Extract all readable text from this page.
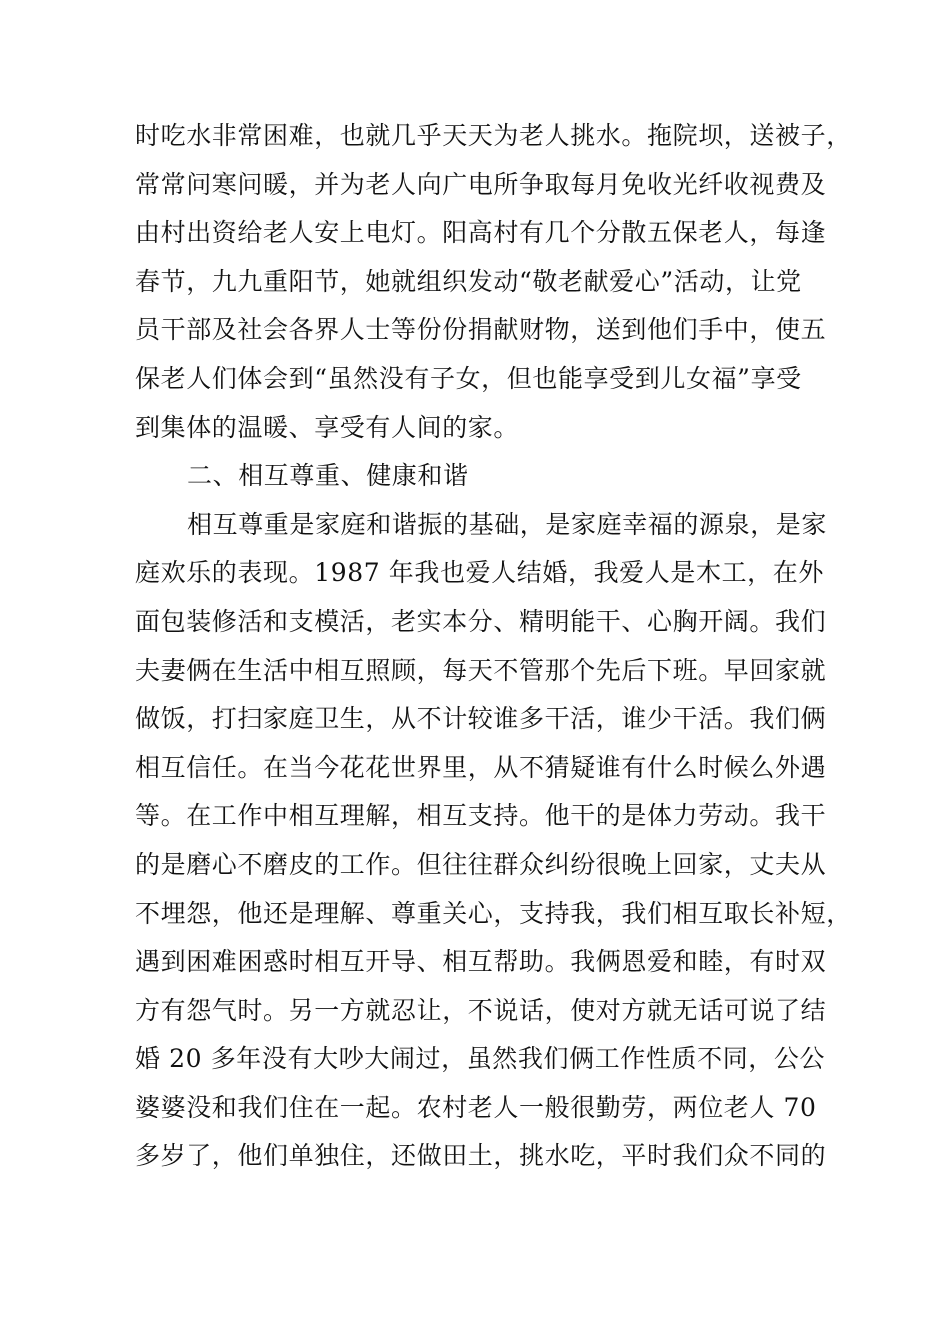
时吃水非常困难，也就几乎天天为老人挑水。拖院坝，送被子，
常常问寒问暖，并为老人向广电所争取每月免收光纤收视费及
由村出资给老人安上电灯。阳高村有几个分散五保老人，每逢
春节，九九重阳节，她就组织发动“敬老献爱心”活动，让党
员干部及社会各界人士等份份捐献财物，送到他们手中，使五
保老人们体会到“虽然没有子女，但也能享受到儿女福”享受
到集体的温暖、享受有人间的家。
二、相互尊重、健康和谐
相互尊重是家庭和谐振的基础，是家庭幸福的源泉，是家
庭欢乐的表现。1987 年我也爱人结婚，我爱人是木工，在外
面包装修活和支模活，老实本分、精明能干、心胸开阔。我们
夫妻俩在生活中相互照顾，每天不管那个先后下班。早回家就
做饭，打扫家庭卫生，从不计较谁多干活，谁少干活。我们俩
相互信任。在当今花花世界里，从不猜疑谁有什么时候么外遇
等。在工作中相互理解，相互支持。他干的是体力劳动。我干
的是磨心不磨皮的工作。但往往群众纠纷很晚上回家，丈夫从
不埋怨，他还是理解、尊重关心，支持我，我们相互取长补短，
遇到困难困惑时相互开导、相互帮助。我俩恩爱和睦，有时双
方有怨气时。另一方就忍让，不说话，使对方就无话可说了结
婚 20 多年没有大吵大闹过，虽然我们俩工作性质不同，公公
婆婆没和我们住在一起。农村老人一般很勤劳，两位老人 70
多岁了，他们单独住，还做田土，挑水吃，平时我们众不同的
